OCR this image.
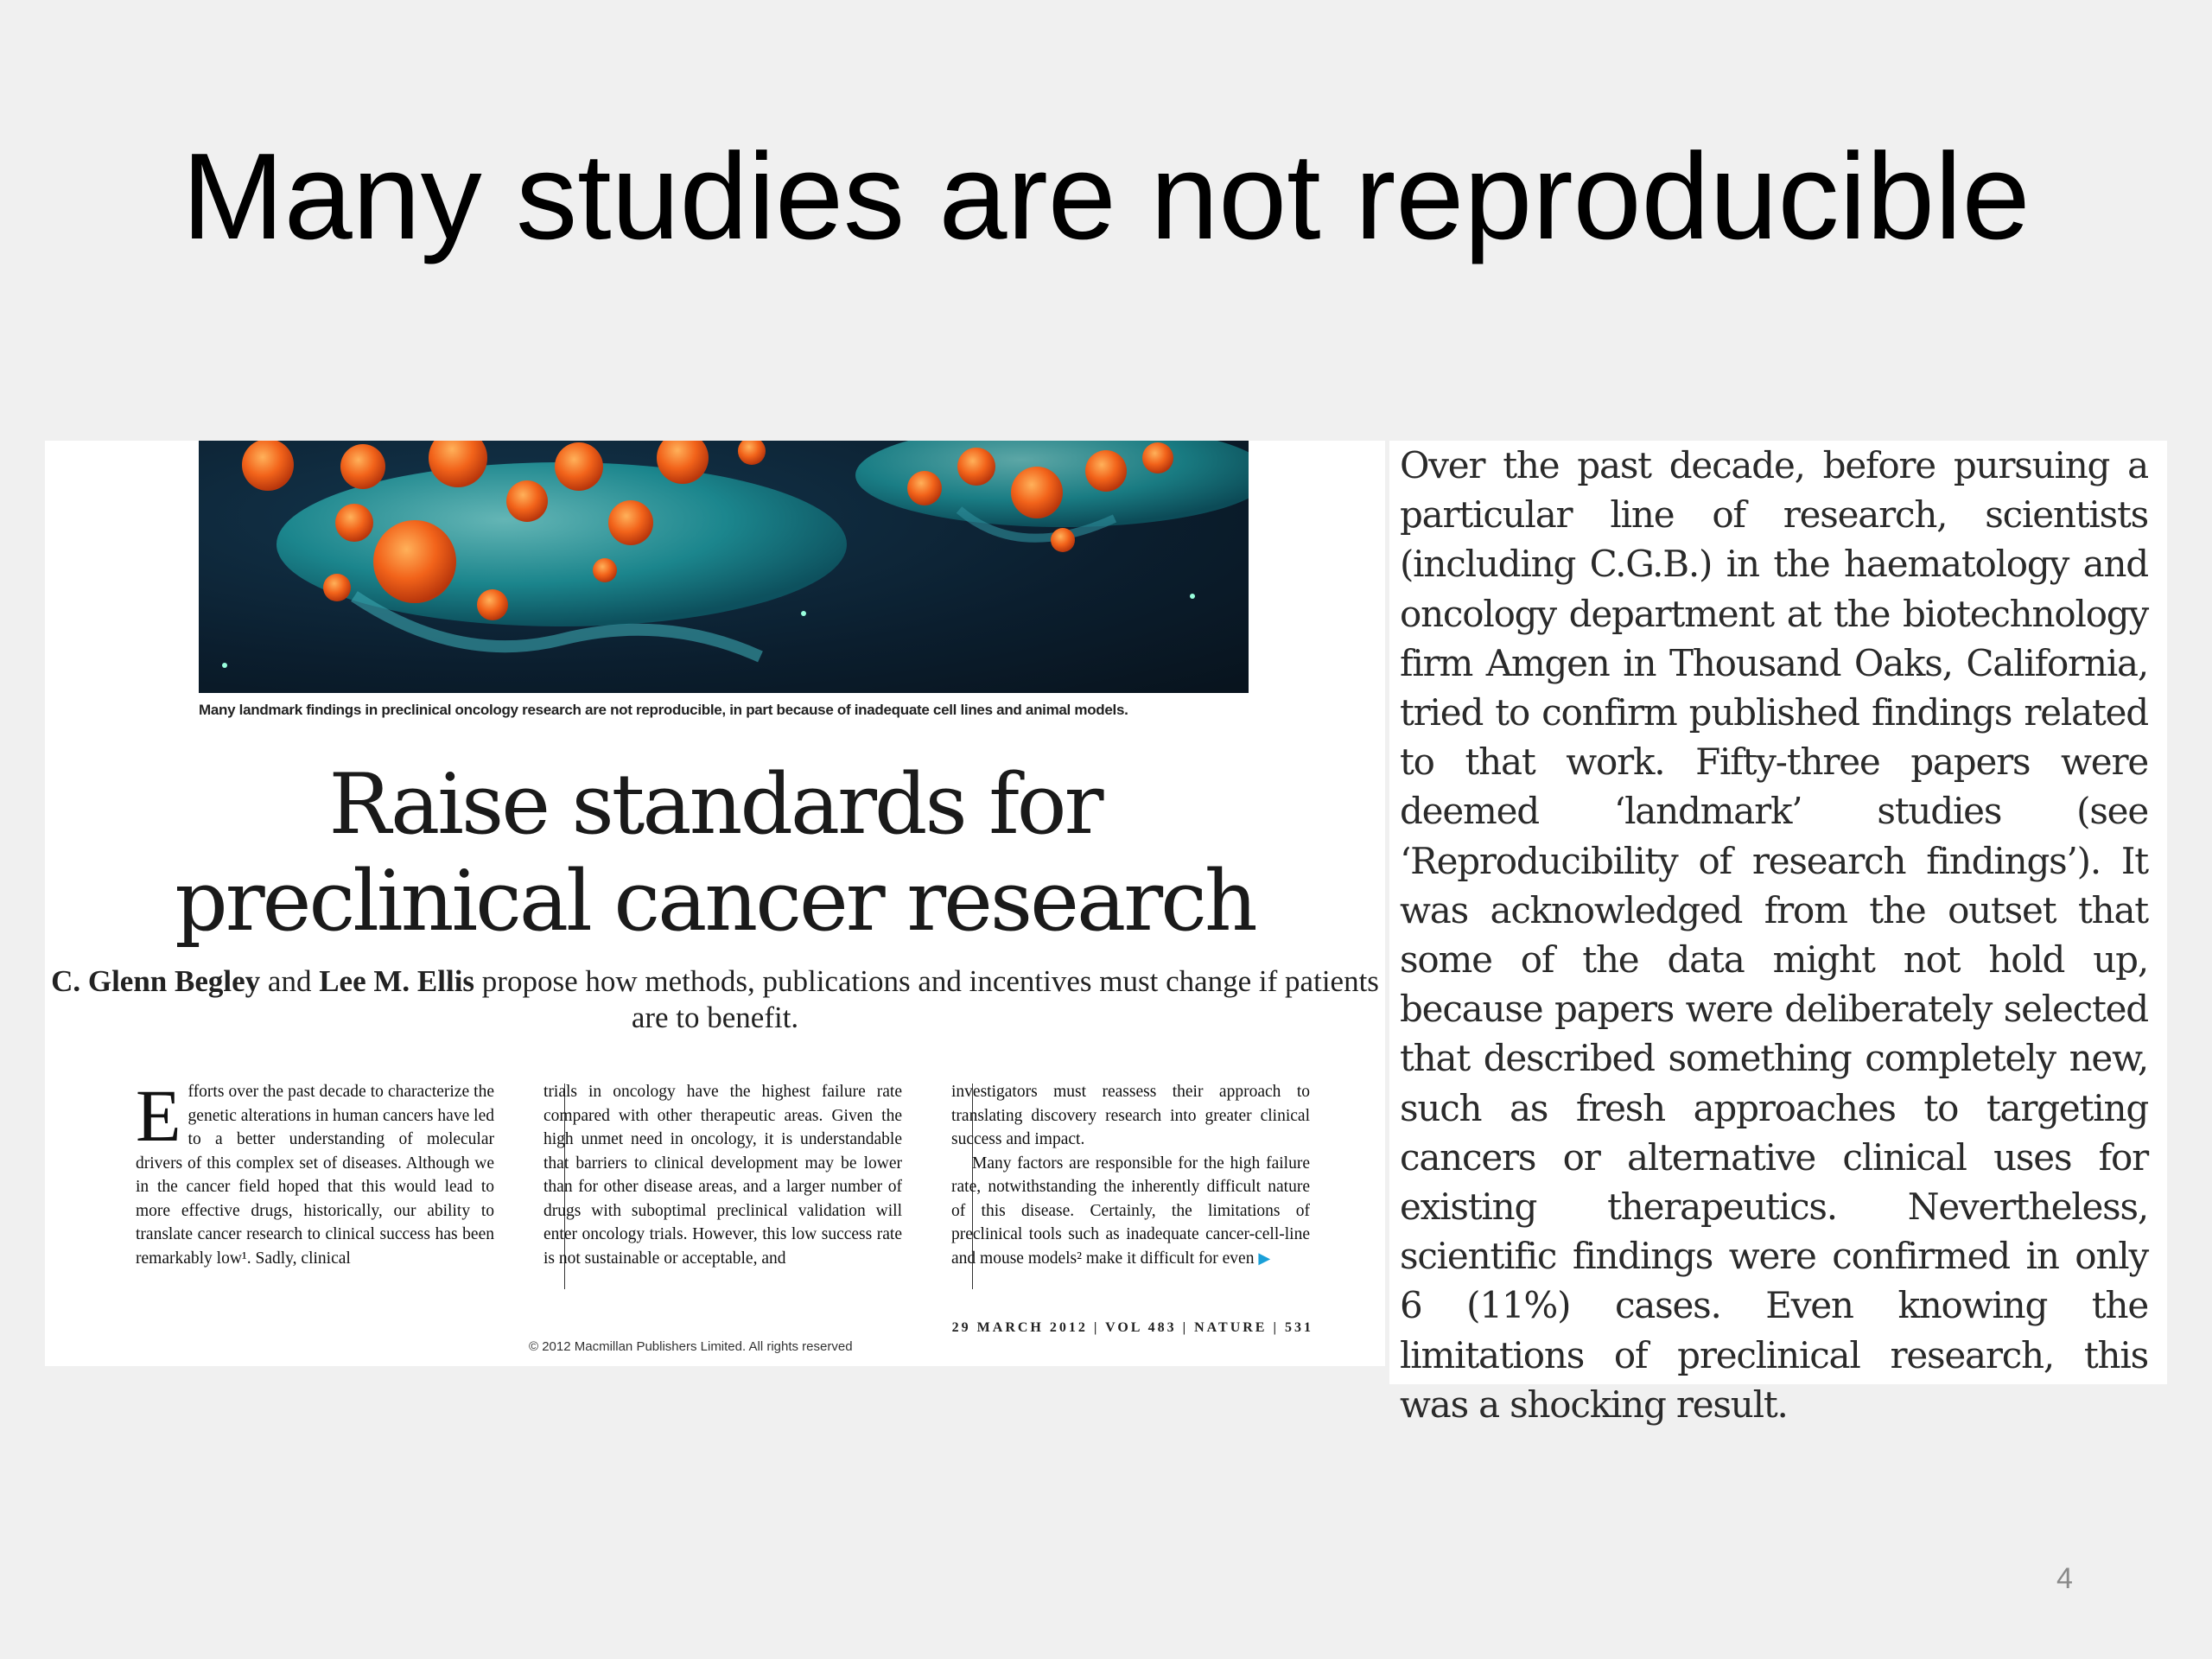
Many studies are not reproducible
Many landmark findings in preclinical oncology research are not reproducible, in part because of inadequate cell lines and animal models.
Raise standards for
preclinical cancer research
C. Glenn Begley and Lee M. Ellis propose how methods, publications and incentives must change if patients are to benefit.
Efforts over the past decade to characterize the genetic alterations in human cancers have led to a better understanding of molecular drivers of this complex set of diseases. Although we in the cancer field hoped that this would lead to more effective drugs, historically, our ability to translate cancer research to clinical success has been remarkably low¹. Sadly, clinical
trials in oncology have the highest failure rate compared with other therapeutic areas. Given the high unmet need in oncology, it is understandable that barriers to clinical development may be lower than for other disease areas, and a larger number of drugs with suboptimal preclinical validation will enter oncology trials. However, this low success rate is not sustainable or acceptable, and
investigators must reassess their approach to translating discovery research into greater clinical success and impact.
Many factors are responsible for the high failure rate, notwithstanding the inherently difficult nature of this disease. Certainly, the limitations of preclinical tools such as inadequate cancer-cell-line and mouse models² make it difficult for even ▶
29 MARCH 2012 | VOL 483 | NATURE | 531
© 2012 Macmillan Publishers Limited. All rights reserved
Over the past decade, before pursuing a particular line of research, scientists (including C.G.B.) in the haematology and oncology department at the biotechnology firm Amgen in Thousand Oaks, California, tried to confirm published findings related to that work. Fifty-three papers were deemed ‘landmark’ studies (see ‘Reproducibility of research findings’). It was acknowledged from the outset that some of the data might not hold up, because papers were deliberately selected that described something completely new, such as fresh approaches to targeting cancers or alternative clinical uses for existing therapeutics. Nevertheless, scientific findings were confirmed in only 6 (11%) cases. Even knowing the limitations of preclinical research, this was a shocking result.
4
